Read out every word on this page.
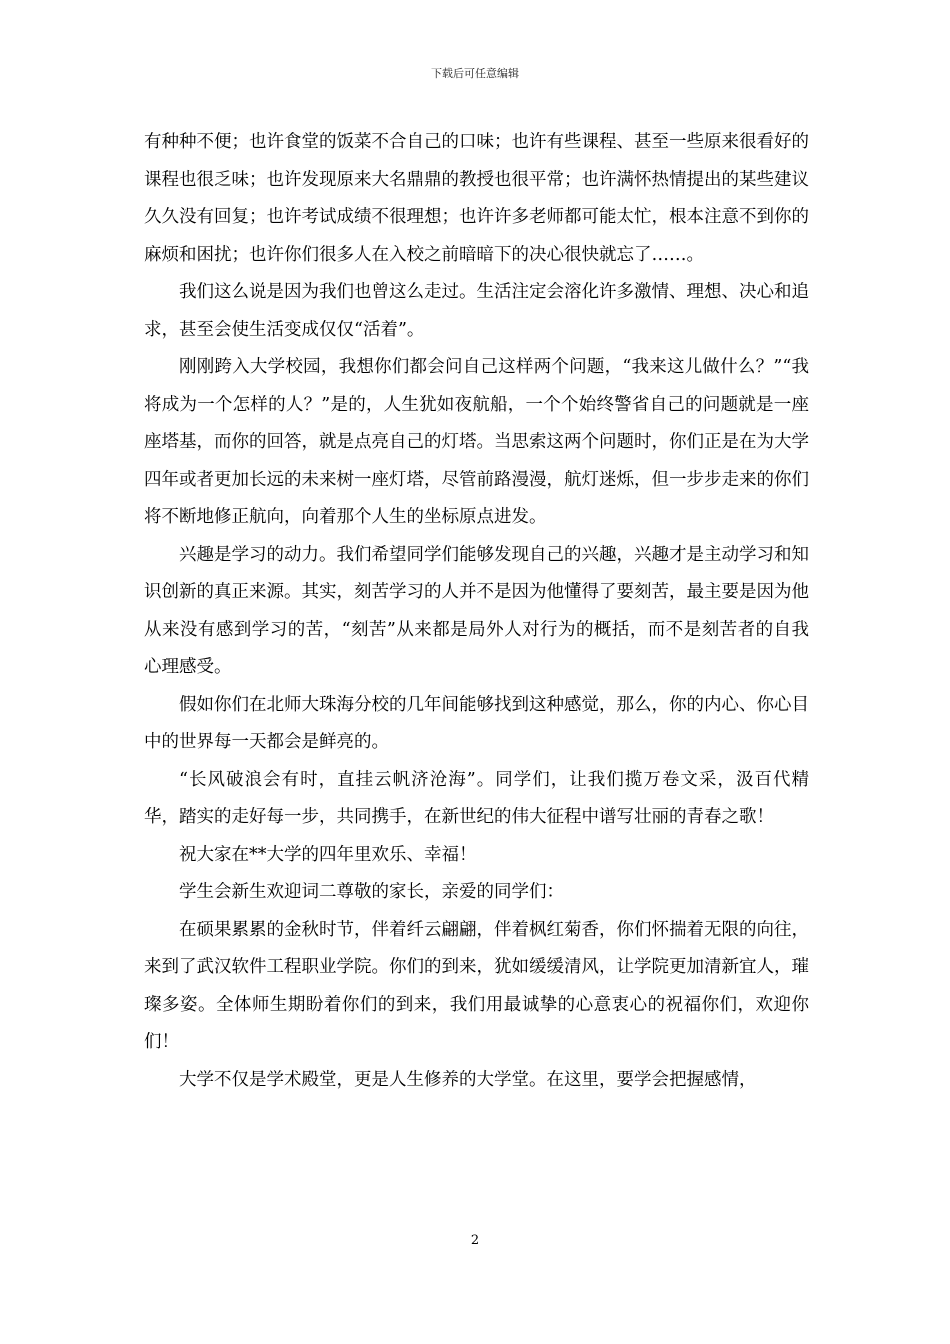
下载后可任意编辑

有种种不便；也许食堂的饭菜不合自己的口味；也许有些课程、甚至一些原来很看好的课程也很乏味；也许发现原来大名鼎鼎的教授也很平常；也许满怀热情提出的某些建议久久没有回复；也许考试成绩不很理想；也许许多老师都可能太忙，根本注意不到你的麻烦和困扰；也许你们很多人在入校之前暗暗下的决心很快就忘了……。

我们这么说是因为我们也曾这么走过。生活注定会溶化许多激情、理想、决心和追求，甚至会使生活变成仅仅“活着”。

刚刚跨入大学校园，我想你们都会问自己这样两个问题，“我来这儿做什么？”“我将成为一个怎样的人？”是的，人生犹如夜航船，一个个始终警省自己的问题就是一座座塔基，而你的回答，就是点亮自己的灯塔。当思索这两个问题时，你们正是在为大学四年或者更加长远的未来树一座灯塔，尽管前路漫漫，航灯迷烁，但一步步走来的你们将不断地修正航向，向着那个人生的坐标原点进发。

兴趣是学习的动力。我们希望同学们能够发现自己的兴趣，兴趣才是主动学习和知识创新的真正来源。其实，刻苦学习的人并不是因为他懂得了要刻苦，最主要是因为他从来没有感到学习的苦，“刻苦”从来都是局外人对行为的概括，而不是刻苦者的自我心理感受。

假如你们在北师大珠海分校的几年间能够找到这种感觉，那么，你的内心、你心目中的世界每一天都会是鲜亮的。

“长风破浪会有时，直挂云帆济沧海”。同学们，让我们揽万卷文采，汲百代精华，踏实的走好每一步，共同携手，在新世纪的伟大征程中谱写壮丽的青春之歌！

祝大家在**大学的四年里欢乐、幸福！

学生会新生欢迎词二尊敬的家长，亲爱的同学们：

在硕果累累的金秋时节，伴着纤云翩翩，伴着枫红菊香，你们怀揣着无限的向往，来到了武汉软件工程职业学院。你们的到来，犹如缓缓清风，让学院更加清新宜人，璀璨多姿。全体师生期盼着你们的到来，我们用最诚挚的心意衷心的祝福你们，欢迎你们！

大学不仅是学术殿堂，更是人生修养的大学堂。在这里，要学会把握感情，

2
